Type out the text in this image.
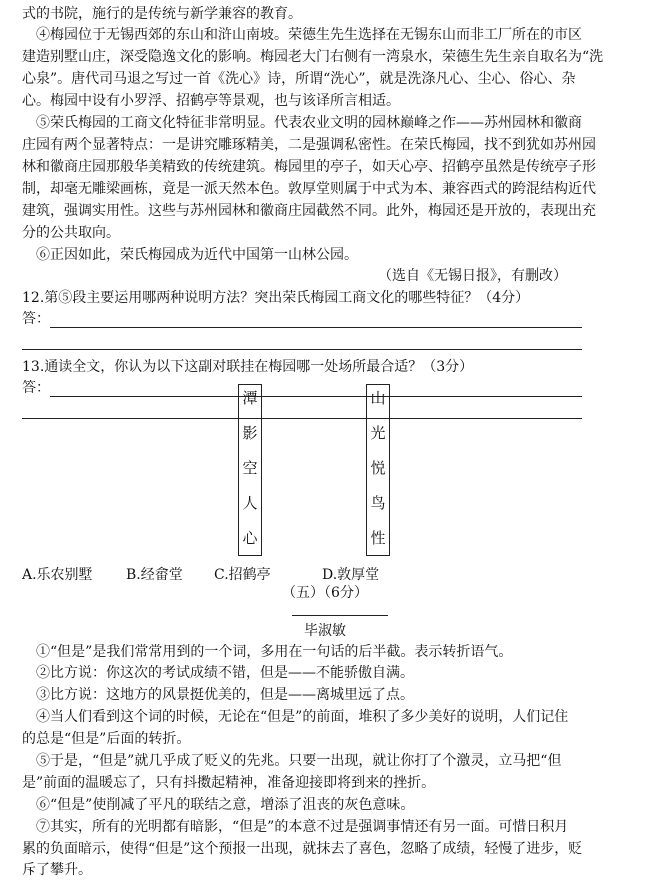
式的书院，施行的是传统与新学兼容的教育。
④梅园位于无锡西郊的东山和浒山南坡。荣德生先生选择在无锡东山而非工厂所在的市区
建造别墅山庄，深受隐逸文化的影响。梅园老大门右侧有一湾泉水，荣德生先生亲自取名为“洗
心泉”。唐代司马退之写过一首《洗心》诗，所谓“洗心”，就是洗涤凡心、尘心、俗心、杂
心。梅园中设有小罗浮、招鹤亭等景观，也与该译所言相适。
⑤荣氏梅园的工商文化特征非常明显。代表农业文明的园林巅峰之作——苏州园林和徽商
庄园有两个显著特点：一是讲究雕琢精美，二是强调私密性。在荣氏梅园，找不到犹如苏州园
林和徽商庄园那般华美精致的传统建筑。梅园里的亭子，如天心亭、招鹤亭虽然是传统亭子形
制，却毫无雕梁画栋，竟是一派天然本色。敦厚堂则属于中式为本、兼容西式的跨混结构近代
建筑，强调实用性。这些与苏州园林和徽商庄园截然不同。此外，梅园还是开放的，表现出充
分的公共取向。
⑥正因如此，荣氏梅园成为近代中国第一山林公园。
（选自《无锡日报》，有删改）
12.第⑤段主要运用哪两种说明方法？突出荣氏梅园工商文化的哪些特征？（4分）
答：
13.通读全文，你认为以下这副对联挂在梅园哪一处场所最合适？（3分）
答：
潭
影
空
人
心
山
光
悦
鸟
性
A.乐农别墅 B.经畲堂 C.招鹤亭	D.敦厚堂
（五）（6分）
毕淑敏
①“但是”是我们常常用到的一个词，多用在一句话的后半截。表示转折语气。
②比方说：你这次的考试成绩不错，但是——不能骄傲自满。
③比方说：这地方的风景挺优美的，但是——离城里远了点。
④当人们看到这个词的时候，无论在“但是”的前面，堆积了多少美好的说明，人们记住
的总是“但是”后面的转折。
⑤于是，“但是”就几乎成了贬义的先兆。只要一出现，就让你打了个激灵，立马把“但
是”前面的温暖忘了，只有抖擞起精神，准备迎接即将到来的挫折。
⑥“但是”使削减了平凡的联结之意，增添了沮丧的灰色意味。
⑦其实，所有的光明都有暗影，“但是”的本意不过是强调事情还有另一面。可惜日积月
累的负面暗示，使得“但是”这个预报一出现，就抹去了喜色，忽略了成绩，轻慢了进步，贬
斥了攀升。
